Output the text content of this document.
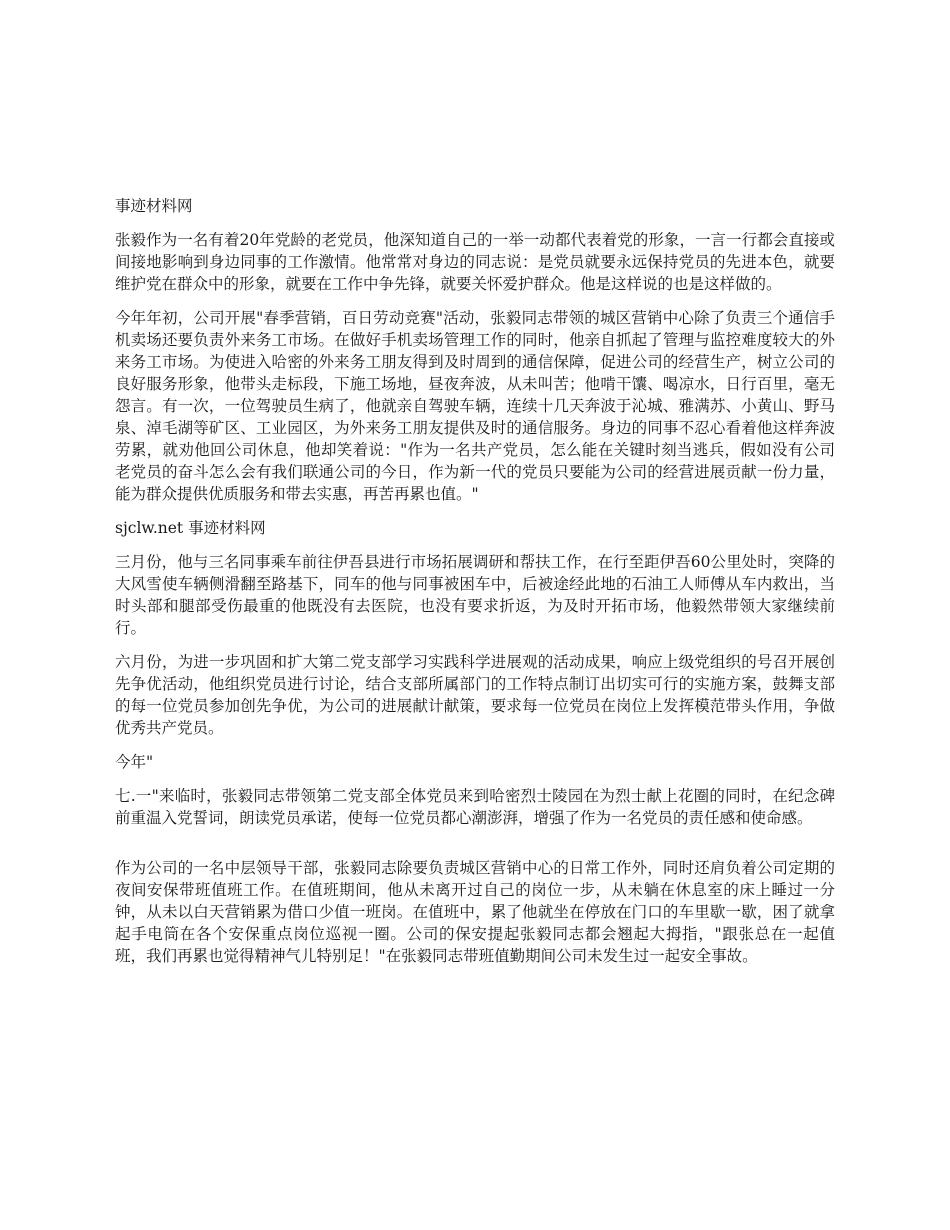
事迹材料网

张毅作为一名有着20年党龄的老党员，他深知道自己的一举一动都代表着党的形象，一言一行都会直接或间接地影响到身边同事的工作激情。他常常对身边的同志说：是党员就要永远保持党员的先进本色，就要维护党在群众中的形象，就要在工作中争先锋，就要关怀爱护群众。他是这样说的也是这样做的。

今年年初，公司开展"春季营销，百日劳动竞赛"活动，张毅同志带领的城区营销中心除了负责三个通信手机卖场还要负责外来务工市场。在做好手机卖场管理工作的同时，他亲自抓起了管理与监控难度较大的外来务工市场。为使进入哈密的外来务工朋友得到及时周到的通信保障，促进公司的经营生产，树立公司的良好服务形象，他带头走标段，下施工场地，昼夜奔波，从未叫苦；他啃干馕、喝凉水，日行百里，毫无怨言。有一次，一位驾驶员生病了，他就亲自驾驶车辆，连续十几天奔波于沁城、雅满苏、小黄山、野马泉、淖毛湖等矿区、工业园区，为外来务工朋友提供及时的通信服务。身边的同事不忍心看着他这样奔波劳累，就劝他回公司休息，他却笑着说："作为一名共产党员，怎么能在关键时刻当逃兵，假如没有公司老党员的奋斗怎么会有我们联通公司的今日，作为新一代的党员只要能为公司的经营进展贡献一份力量，能为群众提供优质服务和带去实惠，再苦再累也值。"

sjclw.net 事迹材料网

三月份，他与三名同事乘车前往伊吾县进行市场拓展调研和帮扶工作，在行至距伊吾60公里处时，突降的大风雪使车辆侧滑翻至路基下，同车的他与同事被困车中，后被途经此地的石油工人师傅从车内救出，当时头部和腿部受伤最重的他既没有去医院，也没有要求折返，为及时开拓市场，他毅然带领大家继续前行。

六月份，为进一步巩固和扩大第二党支部学习实践科学进展观的活动成果，响应上级党组织的号召开展创先争优活动，他组织党员进行讨论，结合支部所属部门的工作特点制订出切实可行的实施方案，鼓舞支部的每一位党员参加创先争优，为公司的进展献计献策，要求每一位党员在岗位上发挥模范带头作用，争做优秀共产党员。

今年"

七.一"来临时，张毅同志带领第二党支部全体党员来到哈密烈士陵园在为烈士献上花圈的同时，在纪念碑前重温入党誓词，朗读党员承诺，使每一位党员都心潮澎湃，增强了作为一名党员的责任感和使命感。

作为公司的一名中层领导干部，张毅同志除要负责城区营销中心的日常工作外，同时还肩负着公司定期的夜间安保带班值班工作。在值班期间，他从未离开过自己的岗位一步，从未躺在休息室的床上睡过一分钟，从未以白天营销累为借口少值一班岗。在值班中，累了他就坐在停放在门口的车里歇一歇，困了就拿起手电筒在各个安保重点岗位巡视一圈。公司的保安提起张毅同志都会翘起大拇指，"跟张总在一起值班，我们再累也觉得精神气儿特别足！"在张毅同志带班值勤期间公司未发生过一起安全事故。
